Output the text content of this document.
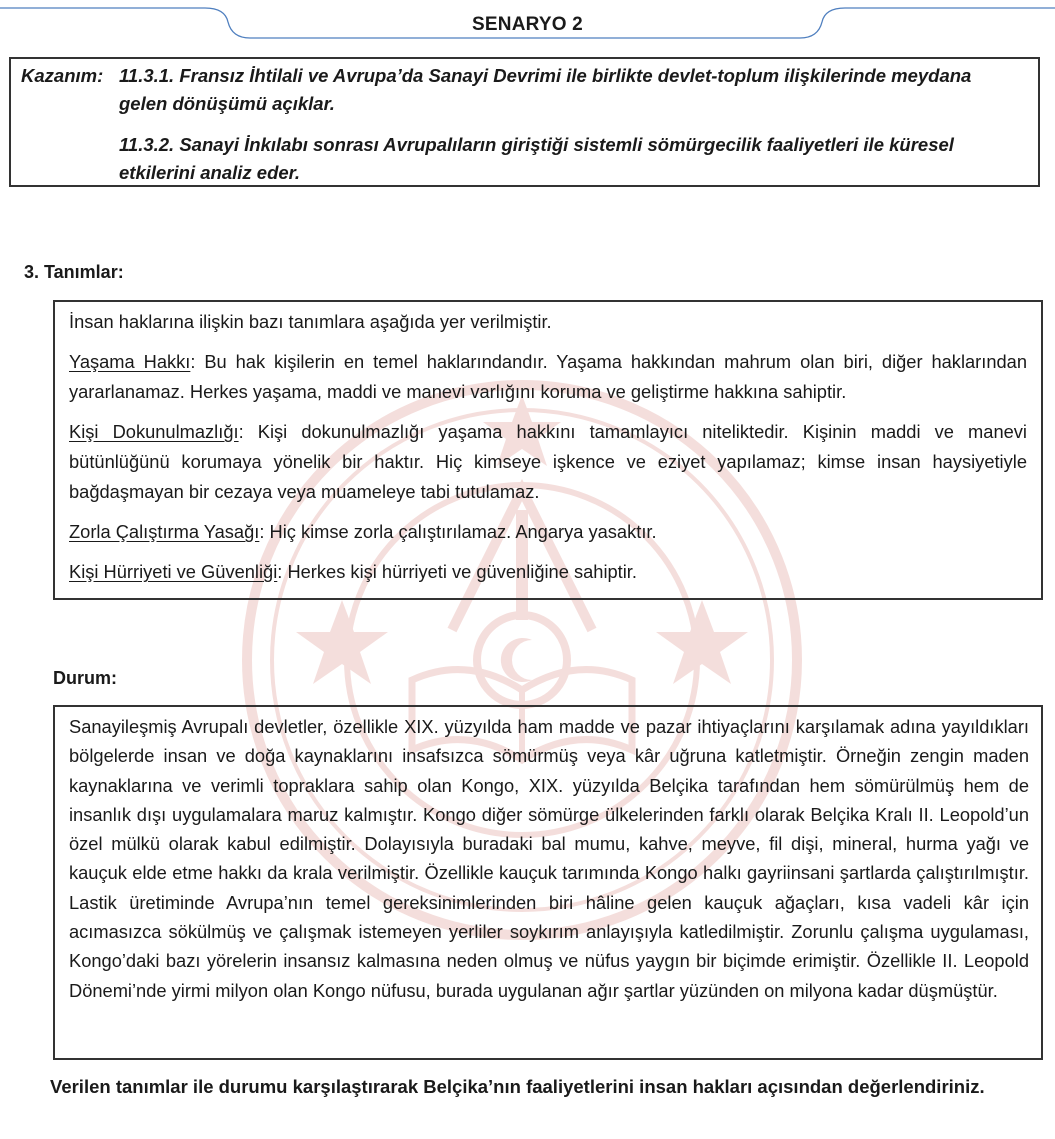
SENARYO 2
Kazanım: 11.3.1. Fransız İhtilali ve Avrupa’da Sanayi Devrimi ile birlikte devlet-toplum ilişkilerinde meydana gelen dönüşümü açıklar.
11.3.2. Sanayi İnkılabı sonrası Avrupalıların giriştiği sistemli sömürgecilik faaliyetleri ile küresel etkilerini analiz eder.
3. Tanımlar:
İnsan haklarına ilişkin bazı tanımlara aşağıda yer verilmiştir.
Yaşama Hakkı: Bu hak kişilerin en temel haklarındandır. Yaşama hakkından mahrum olan biri, diğer haklarından yararlanamaz. Herkes yaşama, maddi ve manevi varlığını koruma ve geliştirme hakkına sahiptir.
Kişi Dokunulmazlığı: Kişi dokunulmazlığı yaşama hakkını tamamlayıcı niteliktedir. Kişinin maddi ve manevi bütünlüğünü korumaya yönelik bir haktır. Hiç kimseye işkence ve eziyet yapılamaz; kimse insan haysiyetiyle bağdaşmayan bir cezaya veya muameleye tabi tutulamaz.
Zorla Çalıştırma Yasağı: Hiç kimse zorla çalıştırılamaz. Angarya yasaktır.
Kişi Hürriyeti ve Güvenliği: Herkes kişi hürriyeti ve güvenliğine sahiptir.
Durum:
Sanayileşmiş Avrupalı devletler, özellikle XIX. yüzyılda ham madde ve pazar ihtiyaçlarını karşılamak adına yayıldıkları bölgelerde insan ve doğa kaynaklarını insafsızca sömürmüş veya kâr uğruna katletmiştir. Örneğin zengin maden kaynaklarına ve verimli topraklara sahip olan Kongo, XIX. yüzyılda Belçika tarafından hem sömürülmüş hem de insanlık dışı uygulamalara maruz kalmıştır. Kongo diğer sömürge ülkelerinden farklı olarak Belçika Kralı II. Leopold’un özel mülkü olarak kabul edilmiştir. Dolayısıyla buradaki bal mumu, kahve, meyve, fil dişi, mineral, hurma yağı ve kauçuk elde etme hakkı da krala verilmiştir. Özellikle kauçuk tarımında Kongo halkı gayriinsani şartlarda çalıştırılmıştır. Lastik üretiminde Avrupa’nın temel gereksinimlerinden biri hâline gelen kauçuk ağaçları, kısa vadeli kâr için acımasızca sökülmüş ve çalışmak istemeyen yerliler soykırım anlayışıyla katledilmiştir. Zorunlu çalışma uygulaması, Kongo’daki bazı yörelerin insansız kalmasına neden olmuş ve nüfus yaygın bir biçimde erimiştir. Özellikle II. Leopold Dönemi’nde yirmi milyon olan Kongo nüfusu, burada uygulanan ağır şartlar yüzünden on milyona kadar düşmüştür.
Verilen tanımlar ile durumu karşılaştırarak Belçika’nın faaliyetlerini insan hakları açısından değerlendiriniz.
